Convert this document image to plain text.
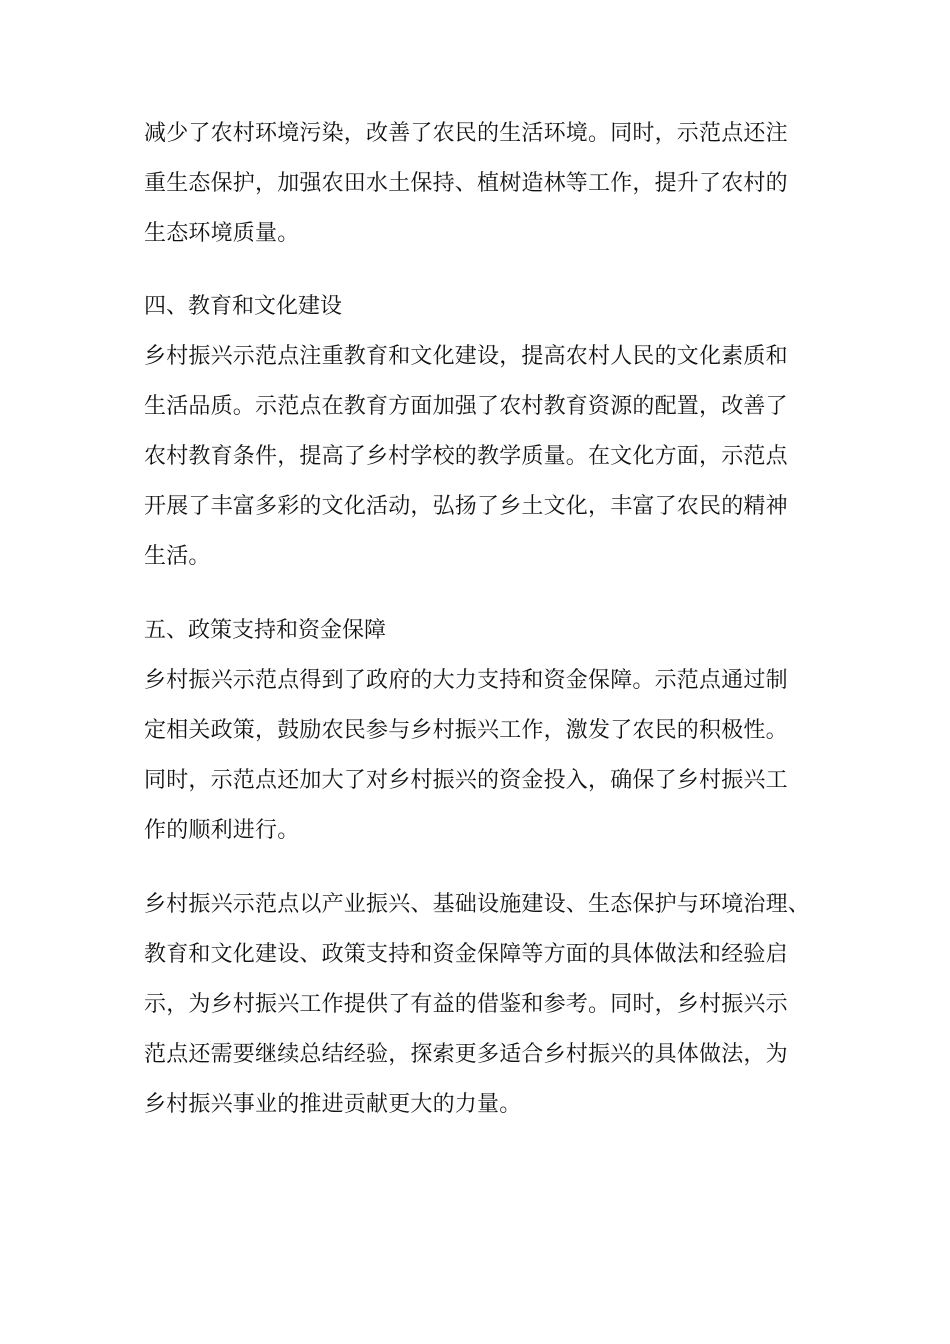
减少了农村环境污染，改善了农民的生活环境。同时，示范点还注
重生态保护，加强农田水土保持、植树造林等工作，提升了农村的
生态环境质量。
四、教育和文化建设
乡村振兴示范点注重教育和文化建设，提高农村人民的文化素质和
生活品质。示范点在教育方面加强了农村教育资源的配置，改善了
农村教育条件，提高了乡村学校的教学质量。在文化方面，示范点
开展了丰富多彩的文化活动，弘扬了乡土文化，丰富了农民的精神
生活。
五、政策支持和资金保障
乡村振兴示范点得到了政府的大力支持和资金保障。示范点通过制
定相关政策，鼓励农民参与乡村振兴工作，激发了农民的积极性。
同时，示范点还加大了对乡村振兴的资金投入，确保了乡村振兴工
作的顺利进行。
乡村振兴示范点以产业振兴、基础设施建设、生态保护与环境治理、
教育和文化建设、政策支持和资金保障等方面的具体做法和经验启
示，为乡村振兴工作提供了有益的借鉴和参考。同时，乡村振兴示
范点还需要继续总结经验，探索更多适合乡村振兴的具体做法，为
乡村振兴事业的推进贡献更大的力量。
